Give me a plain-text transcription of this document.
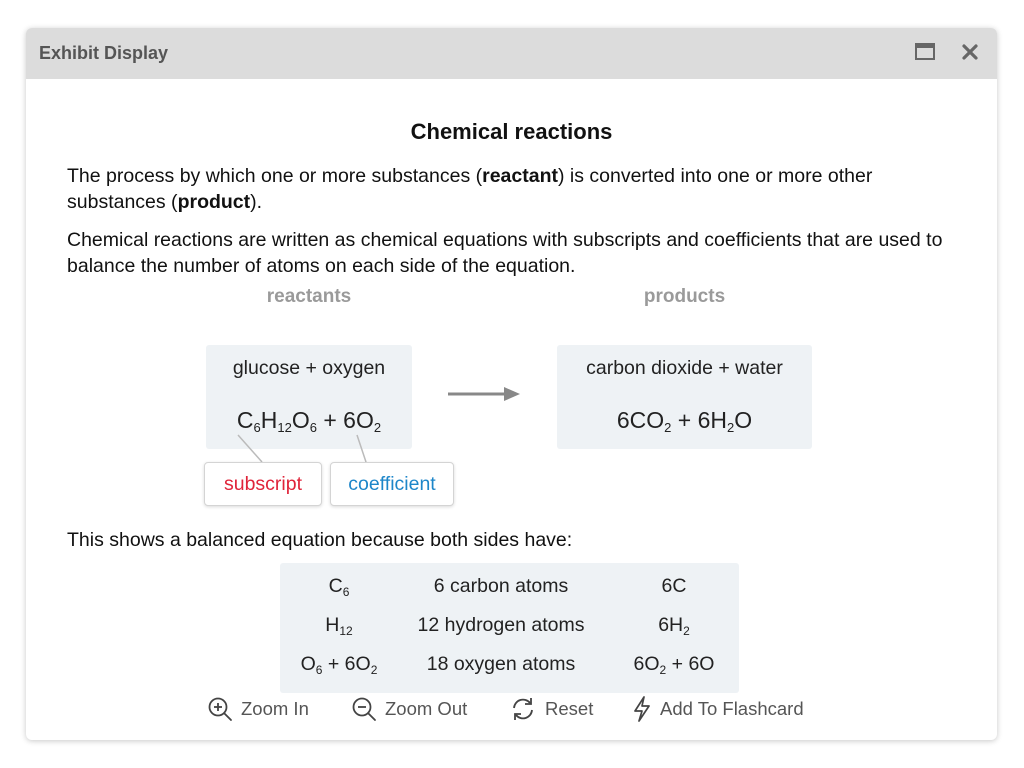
Exhibit Display
Chemical reactions
The process by which one or more substances (reactant) is converted into one or more other substances (product).
Chemical reactions are written as chemical equations with subscripts and coefficients that are used to balance the number of atoms on each side of the equation.
reactants	products
glucose + oxygen
$C_6H_{12}O_6 + 6O_2$
carbon dioxide + water
$6CO_2 + 6H_2O$
subscript	coefficient
This shows a balanced equation because both sides have:
$C_6$	6 carbon atoms	6C
$H_{12}$	12 hydrogen atoms	$6H_2$
$O_6 + 6O_2$	18 oxygen atoms	$6O_2 + 6O$
Zoom In	Zoom Out	Reset	Add To Flashcard
